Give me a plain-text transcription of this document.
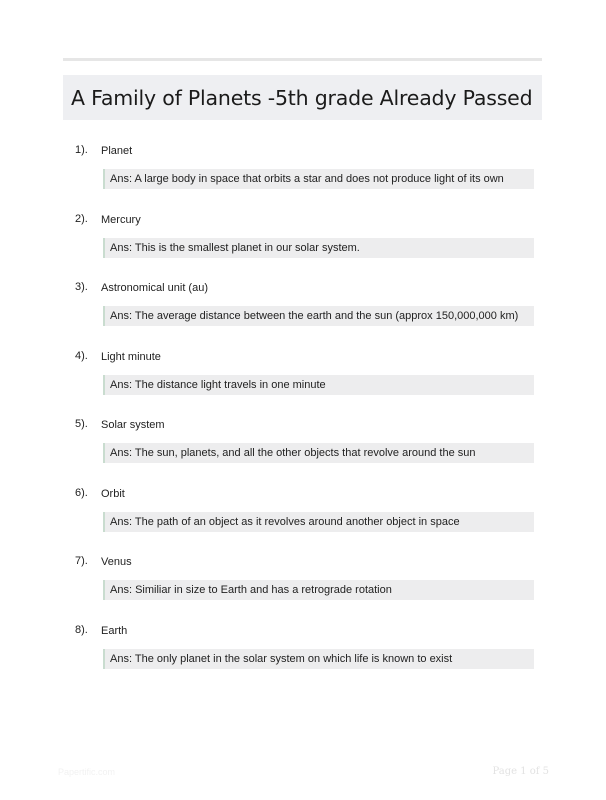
A Family of Planets -5th grade Already Passed
1). Planet
Ans: A large body in space that orbits a star and does not produce light of its own
2). Mercury
Ans: This is the smallest planet in our solar system.
3). Astronomical unit (au)
Ans: The average distance between the earth and the sun (approx 150,000,000 km)
4). Light minute
Ans: The distance light travels in one minute
5). Solar system
Ans: The sun, planets, and all the other objects that revolve around the sun
6). Orbit
Ans: The path of an object as it revolves around another object in space
7). Venus
Ans: Similiar in size to Earth and has a retrograde rotation
8). Earth
Ans: The only planet in the solar system on which life is known to exist
Papertific.com	Page 1 of 5
